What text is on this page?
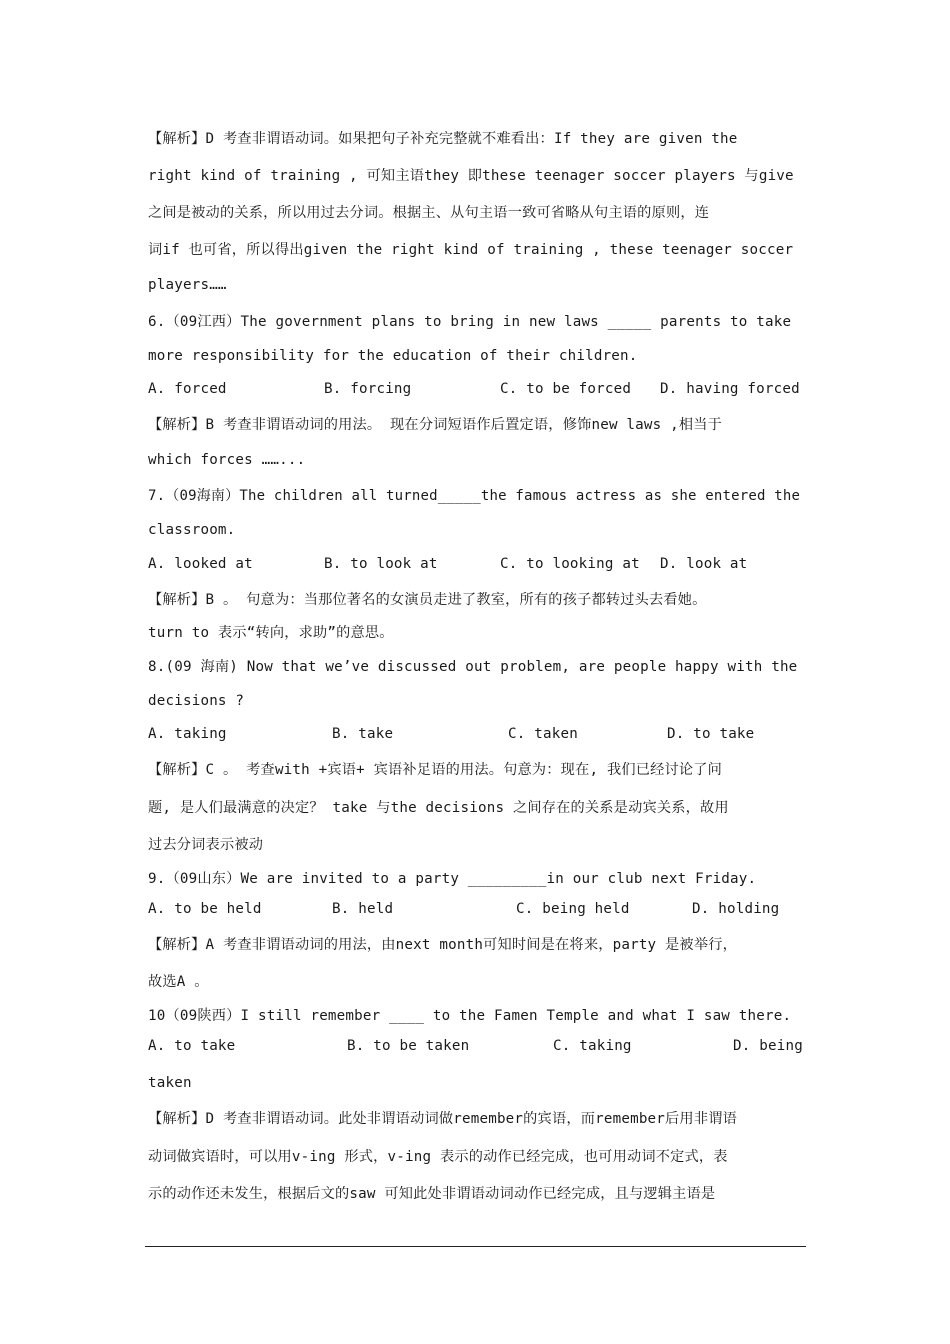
【解析】D 考查非谓语动词。如果把句子补充完整就不难看出：If they are given the
right kind of training , 可知主语they 即these teenager soccer players 与give
之间是被动的关系，所以用过去分词。根据主、从句主语一致可省略从句主语的原则，连
词if 也可省，所以得出given the right kind of training , these teenager soccer
players……
6.（09江西）The government plans to bring in new laws _____ parents to take
more responsibility for the education of their children.
A. forced	B. forcing	C. to be forced	D. having forced
【解析】B 考查非谓语动词的用法。 现在分词短语作后置定语，修饰new laws ,相当于
which forces ……...
7.（09海南）The children all turned_____the famous actress as she entered the
classroom.
A. looked at	B. to look at	C. to looking at	D. look at
【解析】B 。 句意为：当那位著名的女演员走进了教室，所有的孩子都转过头去看她。
turn to 表示“转向，求助”的意思。
8.(09 海南) Now that we’ve discussed out problem, are people happy with the
decisions ?
A. taking	B. take	C. taken	D. to take
【解析】C 。 考查with +宾语+ 宾语补足语的用法。句意为：现在, 我们已经讨论了问
题, 是人们最满意的决定？ take 与the decisions 之间存在的关系是动宾关系，故用
过去分词表示被动
9.（09山东）We are invited to a party _________in our club next Friday.
A. to be held	B. held	C. being held	D. holding
【解析】A 考查非谓语动词的用法，由next month可知时间是在将来，party 是被举行，
故选A 。
10（09陕西）I still remember ____ to the Famen Temple and what I saw there.
A. to take	B. to be taken	C. taking	D. being
taken
【解析】D 考查非谓语动词。此处非谓语动词做remember的宾语，而remember后用非谓语
动词做宾语时，可以用v-ing 形式，v-ing 表示的动作已经完成，也可用动词不定式，表
示的动作还未发生，根据后文的saw 可知此处非谓语动词动作已经完成，且与逻辑主语是
